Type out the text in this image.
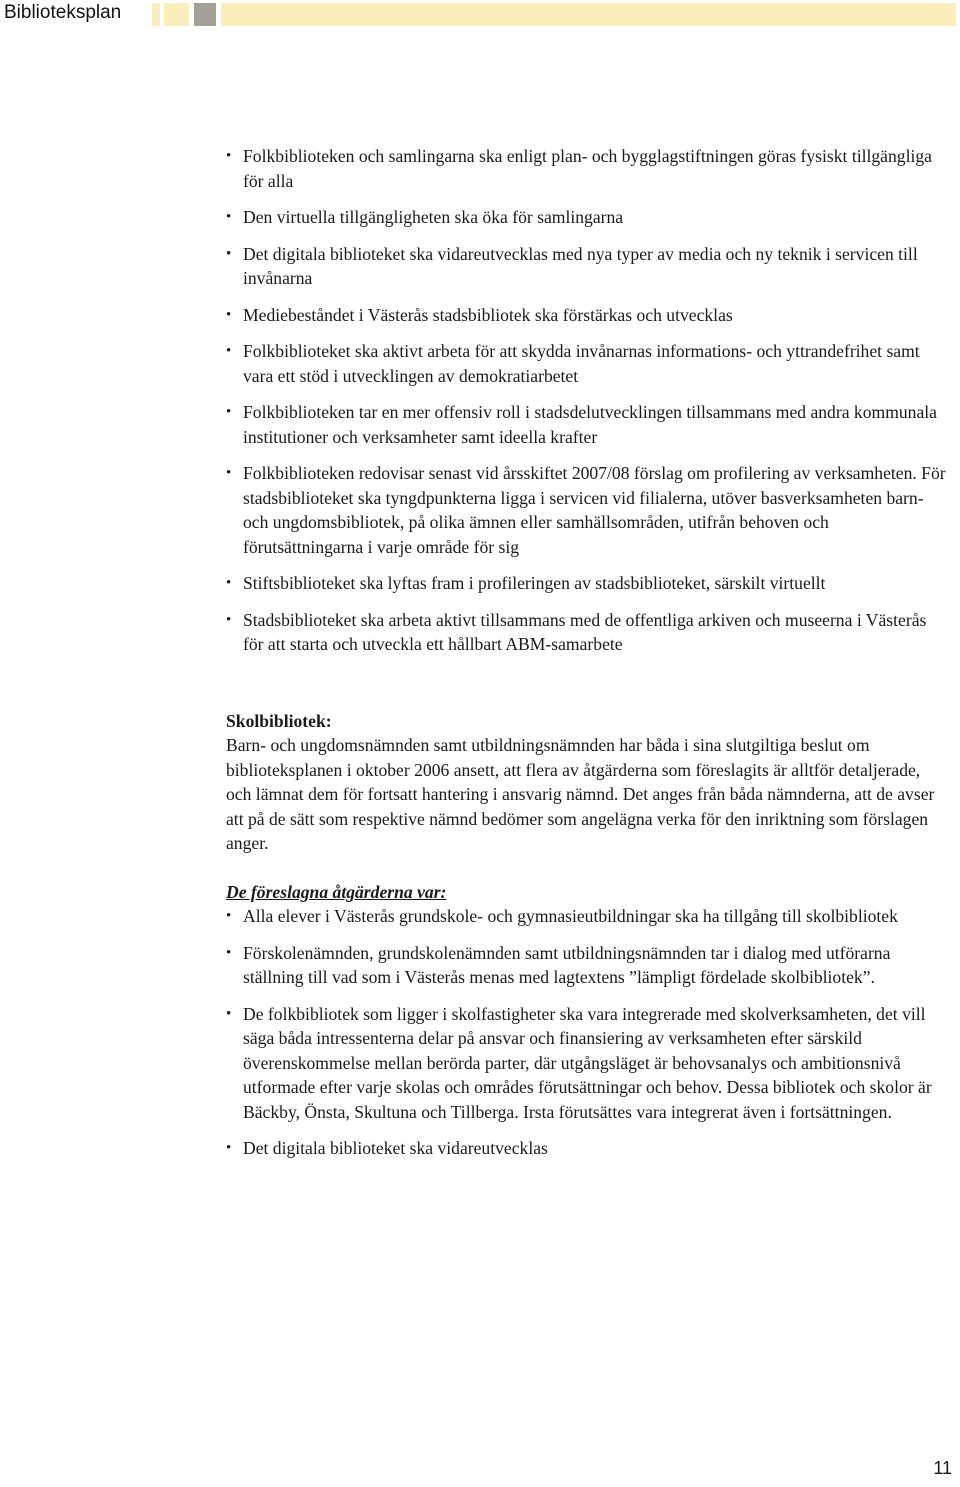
Biblioteksplan
• Folkbiblioteken och samlingarna ska enligt plan- och bygglagstiftningen göras fysiskt tillgängliga för alla
• Den virtuella tillgängligheten ska öka för samlingarna
• Det digitala biblioteket ska vidareutvecklas med nya typer av media och ny teknik i servicen till invånarna
• Mediebeståndet i Västerås stadsbibliotek ska förstärkas och utvecklas
• Folkbiblioteket ska aktivt arbeta för att skydda invånarnas informations- och yttrandefrihet samt vara ett stöd i utvecklingen av demokratiarbetet
• Folkbiblioteken tar en mer offensiv roll i stadsdelutvecklingen tillsammans med andra kommunala institutioner och verksamheter samt ideella krafter
• Folkbiblioteken redovisar senast vid årsskiftet 2007/08 förslag om profilering av verksamheten. För stadsbiblioteket ska tyngdpunkterna ligga i servicen vid filialerna, utöver basverksamheten barn- och ungdomsbibliotek, på olika ämnen eller samhällsområden, utifrån behoven och förutsättningarna i varje område för sig
• Stiftsbiblioteket ska lyftas fram i profileringen av stadsbiblioteket, särskilt virtuellt
• Stadsbiblioteket ska arbeta aktivt tillsammans med de offentliga arkiven och museerna i Västerås för att starta och utveckla ett hållbart ABM-samarbete
Skolbibliotek:

Barn- och ungdomsnämnden samt utbildningsnämnden har båda i sina slutgiltiga beslut om biblioteksplanen i oktober 2006 ansett, att flera av åtgärderna som föreslagits är alltför detaljerade, och lämnat dem för fortsatt hantering i ansvarig nämnd. Det anges från båda nämnderna, att de avser att på de sätt som respektive nämnd bedömer som angelägna verka för den inriktning som förslagen anger.

De föreslagna åtgärderna var:
• Alla elever i Västerås grundskole- och gymnasieutbildningar ska ha tillgång till skolbibliotek
• Förskolenämnden, grundskolenämnden samt utbildningsnämnden tar i dialog med utförarna ställning till vad som i Västerås menas med lagtextens ”lämpligt fördelade skolbibliotek”.
• De folkbibliotek som ligger i skolfastigheter ska vara integrerade med skolverksamheten, det vill säga båda intressenterna delar på ansvar och finansiering av verksamheten efter särskild överenskommelse mellan berörda parter, där utgångsläget är behovsanalys och ambitionsnivå utformade efter varje skolas och områdes förutsättningar och behov. Dessa bibliotek och skolor är Bäckby, Önsta, Skultuna och Tillberga. Irsta förutsättes vara integrerat även i fortsättningen.
• Det digitala biblioteket ska vidareutvecklas
11
